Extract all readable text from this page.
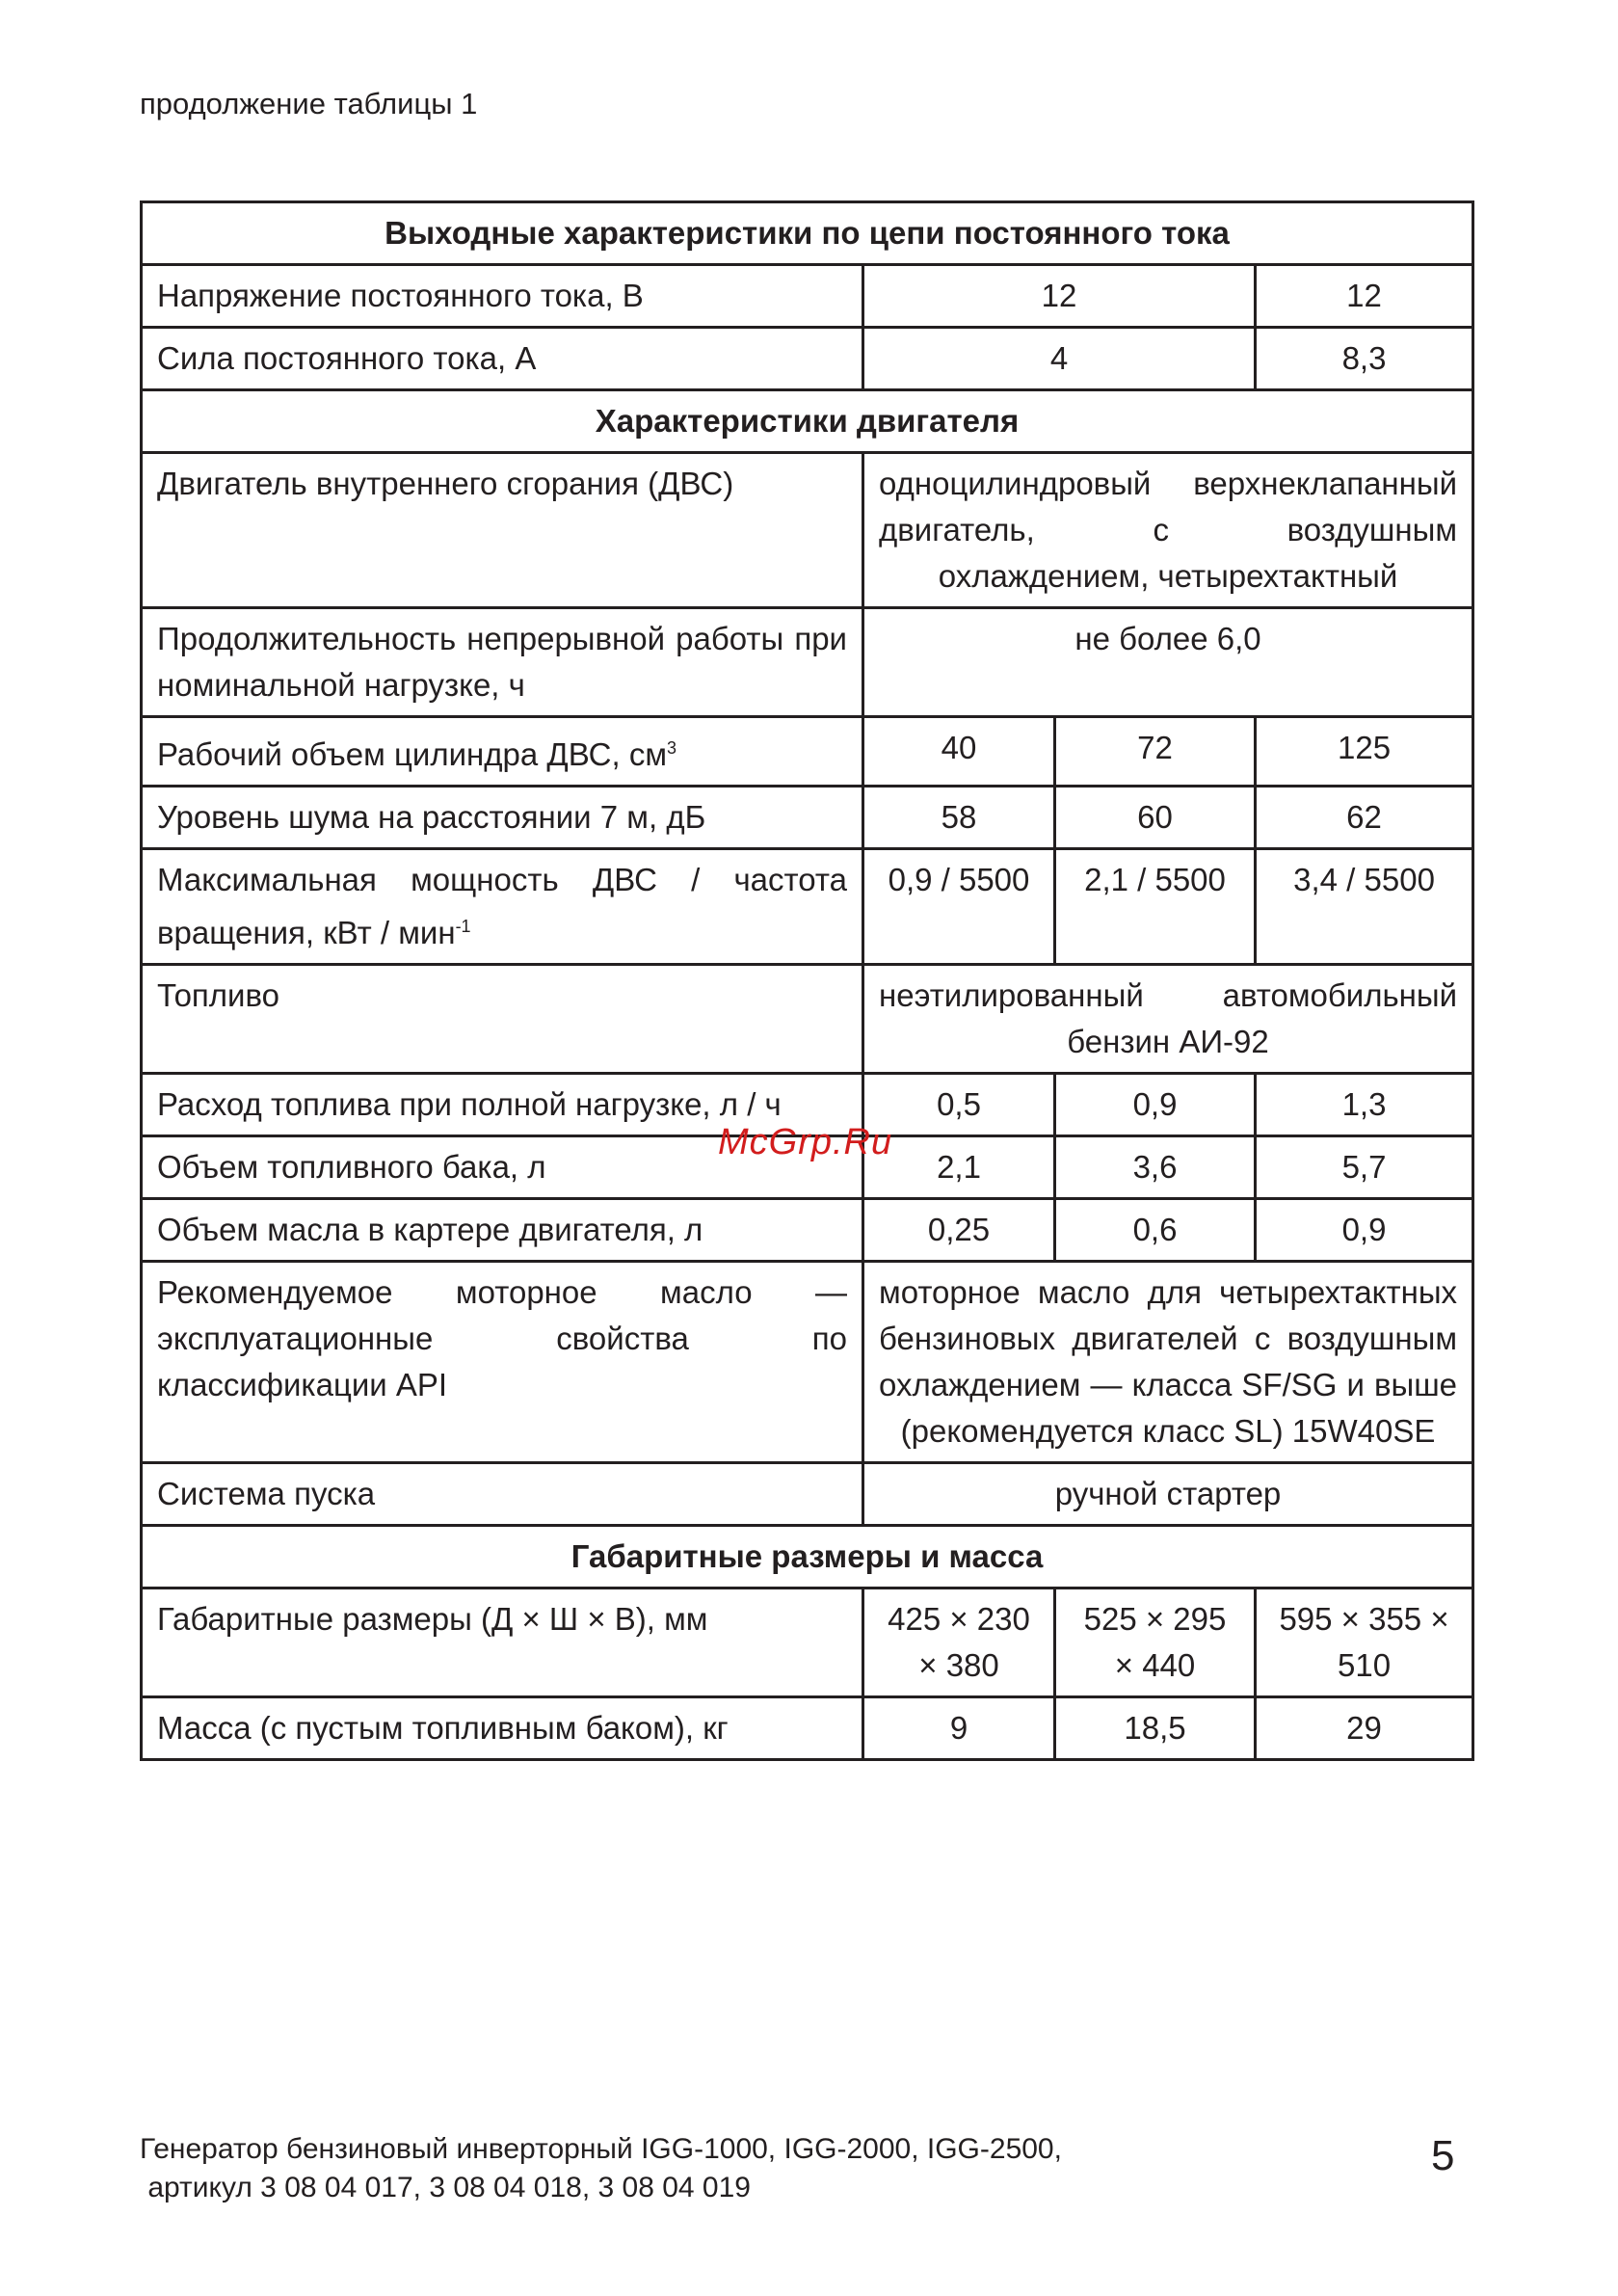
продолжение таблицы 1
Выходные характеристики по цепи постоянного тока			
Напряжение постоянного тока, В	12		12
Сила постоянного тока, А	4		8,3
Характеристики двигателя			
Двигатель внутреннего сгорания (ДВС)	одноцилиндровый верхнеклапанный двигатель, с воздушным охлаждением, четырехтактный		
Продолжительность непрерывной работы при номинальной нагрузке, ч	не более 6,0		
Рабочий объем цилиндра ДВС, $см^3$	40	72	125
Уровень шума на расстоянии 7 м, дБ	58	60	62
Максимальная мощность ДВС / частота вращения, кВт / мин$^{-1}$	0,9 / 5500	2,1 / 5500	3,4 / 5500
Топливо	неэтилированный автомобильный бензин АИ-92		
Расход топлива при полной нагрузке, л / ч	0,5	0,9	1,3
Объем топливного бака, л	2,1	3,6	5,7
Объем масла в картере двигателя, л	0,25	0,6	0,9
Рекомендуемое моторное масло — эксплуатационные свойства по классификации API	моторное масло для четырехтактных бензиновых двигателей с воздушным охлаждением — класса SF/SG и выше (рекомендуется класс SL) 15W40SE		
Система пуска	ручной стартер		
Габаритные размеры и масса			
Габаритные размеры (Д × Ш × В), мм	425 × 230 × 380	525 × 295 × 440	595 × 355 × 510
Масса (с пустым топливным баком), кг	9	18,5	29
McGrp.Ru
Генератор бензиновый инверторный IGG-1000, IGG-2000, IGG-2500,
артикул 3 08 04 017, 3 08 04 018, 3 08 04 019
5
